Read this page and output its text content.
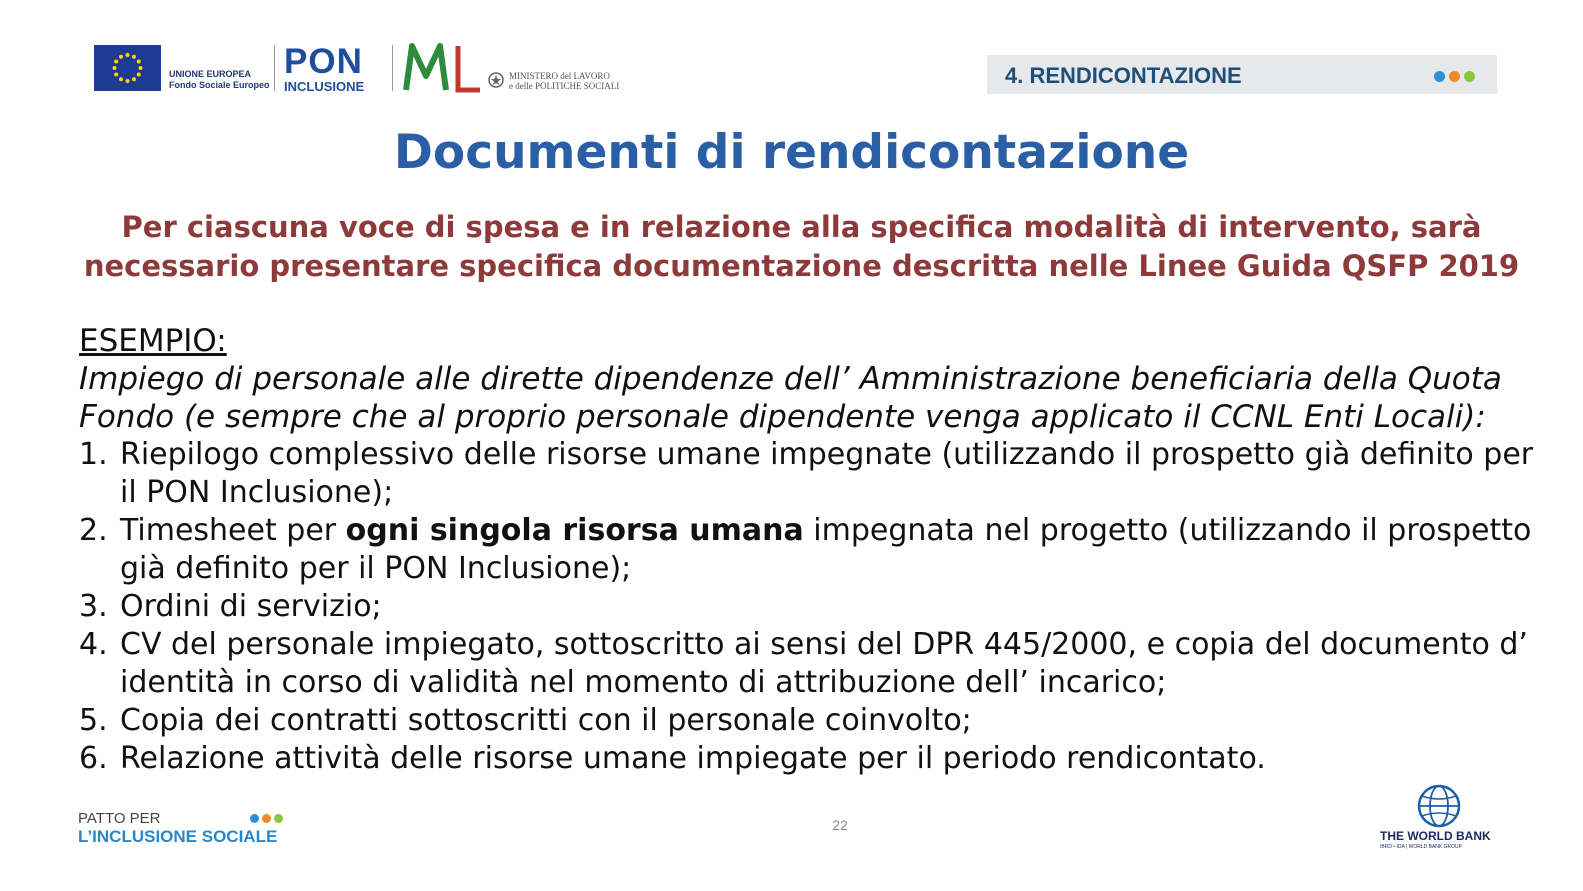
UNIONE EUROPEA
Fondo Sociale Europeo
PON
INCLUSIONE
MINISTERO del LAVORO
e delle POLITICHE SOCIALI	4. RENDICONTAZIONE
Documenti di rendicontazione
Per ciascuna voce di spesa e in relazione alla specifica modalità di intervento, sarà
necessario presentare specifica documentazione descritta nelle Linee Guida QSFP 2019
ESEMPIO:
Impiego di personale alle dirette dipendenze dell’ Amministrazione beneficiaria della Quota
Fondo (e sempre che al proprio personale dipendente venga applicato il CCNL Enti Locali):
1. Riepilogo complessivo delle risorse umane impegnate (utilizzando il prospetto già definito per il PON Inclusione);
2. Timesheet per ogni singola risorsa umana impegnata nel progetto (utilizzando il prospetto già definito per il PON Inclusione);
3. Ordini di servizio;
4. CV del personale impiegato, sottoscritto ai sensi del DPR 445/2000, e copia del documento d’ identità in corso di validità nel momento di attribuzione dell’ incarico;
5. Copia dei contratti sottoscritti con il personale coinvolto;
6. Relazione attività delle risorse umane impiegate per il periodo rendicontato.
PATTO PER
L’INCLUSIONE SOCIALE
22
THE WORLD BANK
IBRD • IDA | WORLD BANK GROUP
